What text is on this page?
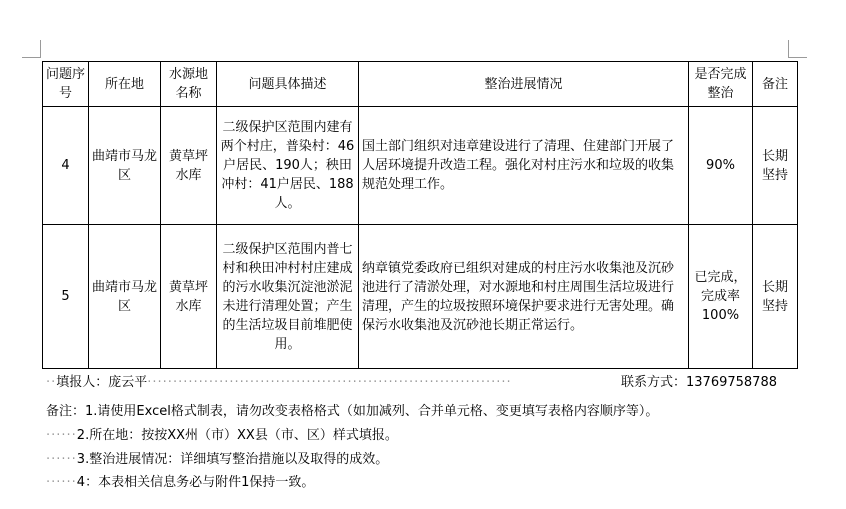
问题序号	所在地	水源地名称	问题具体描述	整治进展情况	是否完成整治	备注
4	曲靖市马龙区	黄草坪水库	二级保护区范围内建有两个村庄，普染村：46户居民、190人；秧田冲村：41户居民、188人。	国土部门组织对违章建设进行了清理、住建部门开展了人居环境提升改造工程。强化对村庄污水和垃圾的收集规范处理工作。	90%	长期坚持
5	曲靖市马龙区	黄草坪水库	二级保护区范围内普七村和秧田冲村村庄建成的污水收集沉淀池淤泥未进行清理处置；产生的生活垃圾目前堆肥使用。	纳章镇党委政府已组织对建成的村庄污水收集池及沉砂池进行了清淤处理，对水源地和村庄周围生活垃圾进行清理，产生的垃圾按照环境保护要求进行无害处理。确保污水收集池及沉砂池长期正常运行。	已完成，完成率100%	长期坚持
··填报人：庞云平·······································································	联系方式：13769758788
备注：1.请使用Excel格式制表，请勿改变表格格式（如加减列、合并单元格、变更填写表格内容顺序等）。
······2.所在地：按按XX州（市）XX县（市、区）样式填报。
······3.整治进展情况：详细填写整治措施以及取得的成效。
······4：本表相关信息务必与附件1保持一致。
